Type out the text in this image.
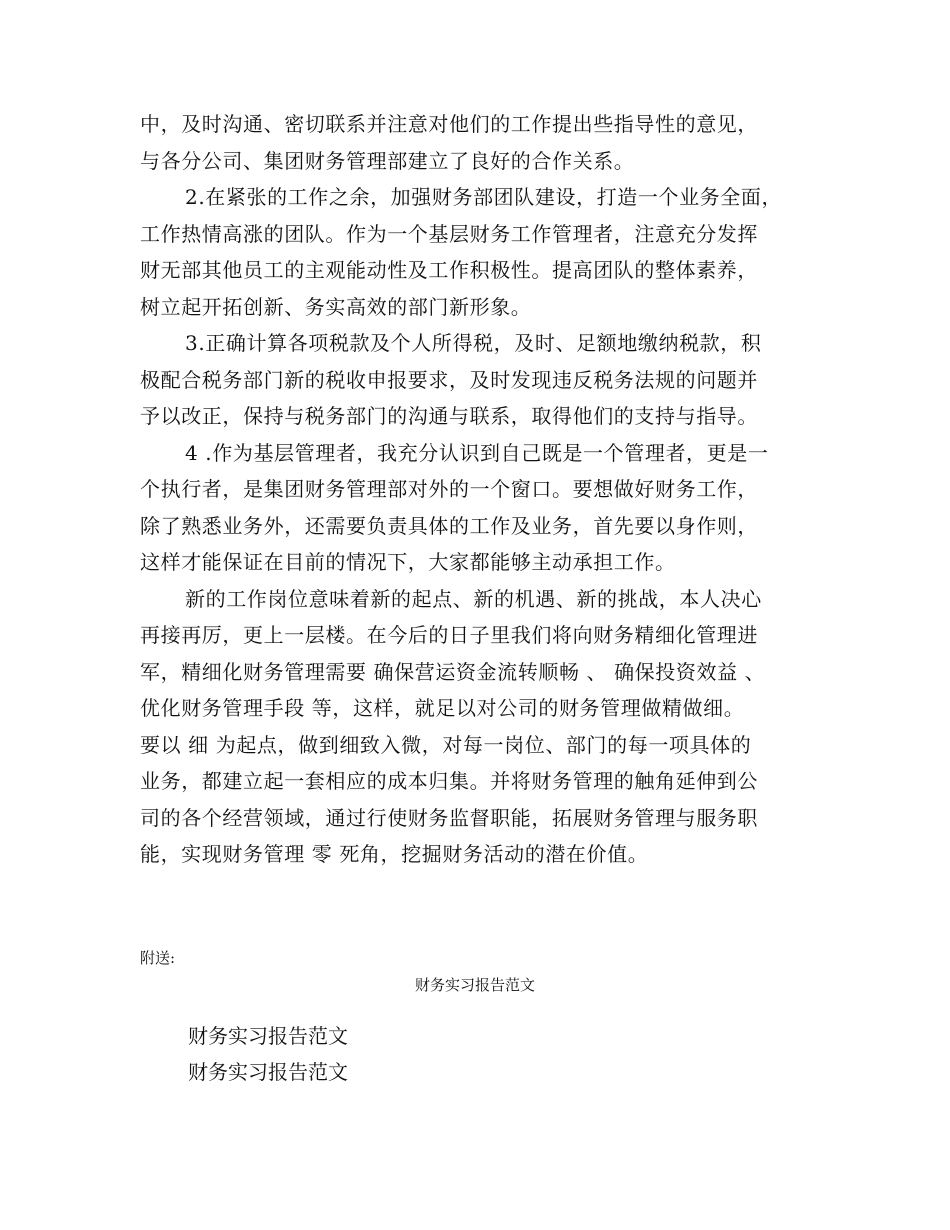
中，及时沟通、密切联系并注意对他们的工作提出些指导性的意见，
与各分公司、集团财务管理部建立了良好的合作关系。
2.在紧张的工作之余，加强财务部团队建设，打造一个业务全面，
工作热情高涨的团队。作为一个基层财务工作管理者，注意充分发挥
财无部其他员工的主观能动性及工作积极性。提高团队的整体素养，
树立起开拓创新、务实高效的部门新形象。
3.正确计算各项税款及个人所得税，及时、足额地缴纳税款，积
极配合税务部门新的税收申报要求，及时发现违反税务法规的问题并
予以改正，保持与税务部门的沟通与联系，取得他们的支持与指导。
4 .作为基层管理者，我充分认识到自己既是一个管理者，更是一
个执行者，是集团财务管理部对外的一个窗口。要想做好财务工作，
除了熟悉业务外，还需要负责具体的工作及业务，首先要以身作则，
这样才能保证在目前的情况下，大家都能够主动承担工作。
新的工作岗位意味着新的起点、新的机遇、新的挑战，本人决心
再接再厉，更上一层楼。在今后的日子里我们将向财务精细化管理进
军，精细化财务管理需要 确保营运资金流转顺畅 、 确保投资效益 、
优化财务管理手段 等，这样，就足以对公司的财务管理做精做细。
要以 细 为起点，做到细致入微，对每一岗位、部门的每一项具体的
业务，都建立起一套相应的成本归集。并将财务管理的触角延伸到公
司的各个经营领域，通过行使财务监督职能，拓展财务管理与服务职
能，实现财务管理 零 死角，挖掘财务活动的潜在价值。
附送:
财务实习报告范文
财务实习报告范文
财务实习报告范文
